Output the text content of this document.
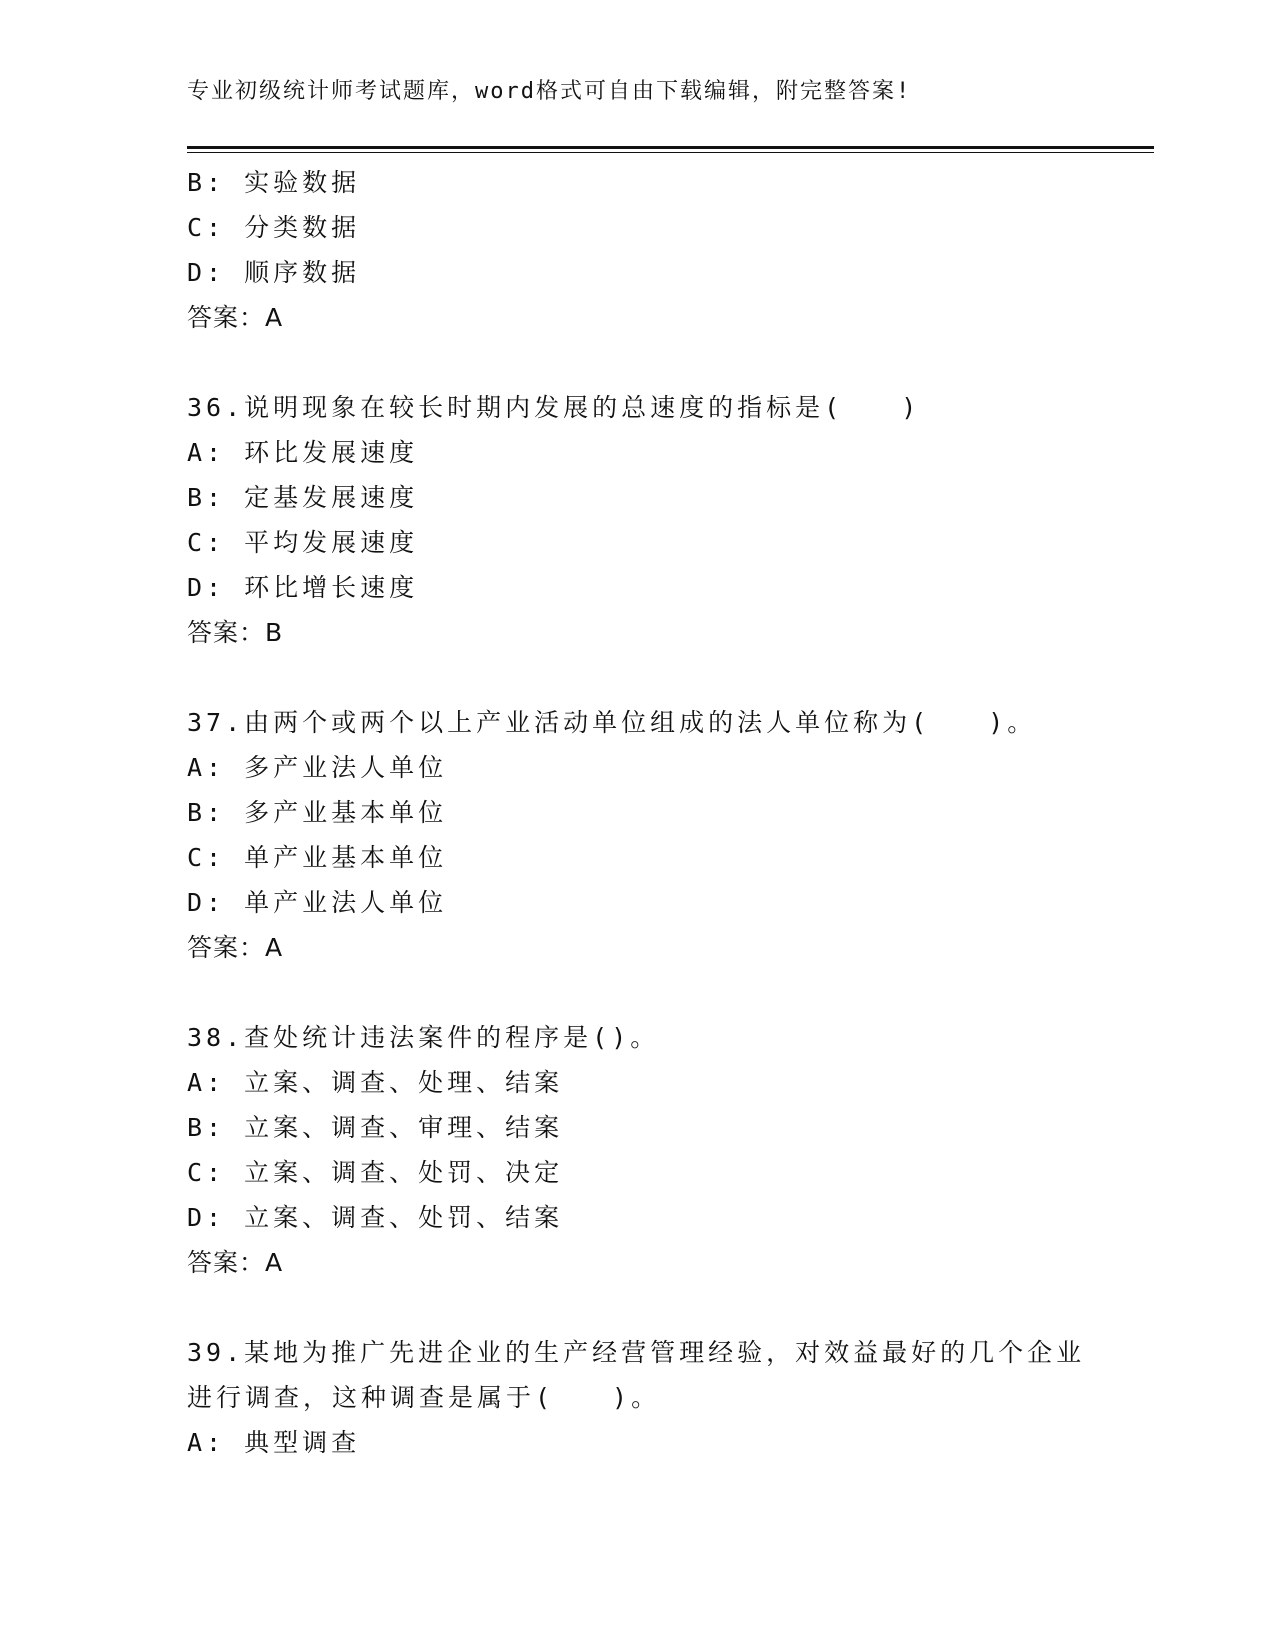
专业初级统计师考试题库，word格式可自由下载编辑，附完整答案!
B: 实验数据
C: 分类数据
D: 顺序数据
答案：A
36.说明现象在较长时期内发展的总速度的指标是(　　)
A: 环比发展速度
B: 定基发展速度
C: 平均发展速度
D: 环比增长速度
答案：B
37.由两个或两个以上产业活动单位组成的法人单位称为(　　)。
A: 多产业法人单位
B: 多产业基本单位
C: 单产业基本单位
D: 单产业法人单位
答案：A
38.查处统计违法案件的程序是()。
A: 立案、调查、处理、结案
B: 立案、调查、审理、结案
C: 立案、调查、处罚、决定
D: 立案、调查、处罚、结案
答案：A
39.某地为推广先进企业的生产经营管理经验，对效益最好的几个企业
进行调查，这种调查是属于(　　)。
A: 典型调查
